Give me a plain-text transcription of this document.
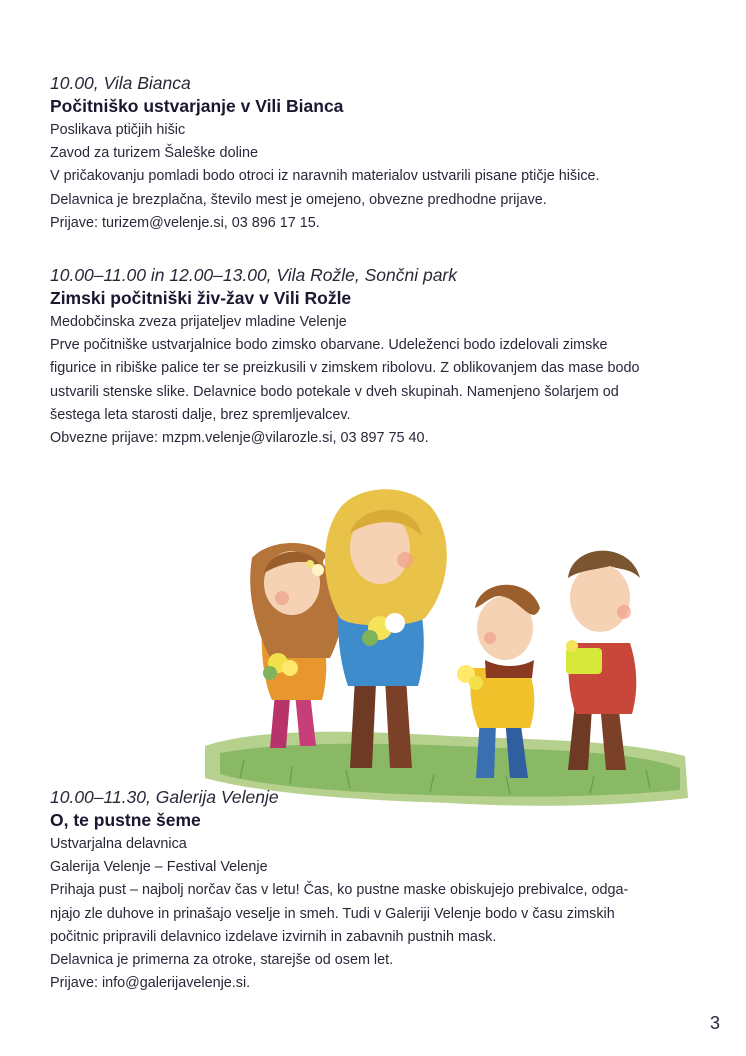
10.00, Vila Bianca
Počitniško ustvarjanje v Vili Bianca
Poslikava ptičjih hišic
Zavod za turizem Šaleške doline
V pričakovanju pomladi bodo otroci iz naravnih materialov ustvarili pisane ptičje hišice.
Delavnica je brezplačna, število mest je omejeno, obvezne predhodne prijave.
Prijave: turizem@velenje.si, 03 896 17 15.
10.00–11.00 in 12.00–13.00, Vila Rožle, Sončni park
Zimski počitniški živ-žav v Vili Rožle
Medobčinska zveza prijateljev mladine Velenje
Prve počitniške ustvarjalnice bodo zimsko obarvane. Udeleženci bodo izdelovali zimske
figurice in ribiške palice ter se preizkusili v zimskem ribolovu. Z oblikovanjem das mase bodo
ustvarili stenske slike. Delavnice bodo potekale v dveh skupinah. Namenjeno šolarjem od
šestega leta starosti dalje, brez spremljevalcev.
Obvezne prijave: mzpm.velenje@vilarozle.si, 03 897 75 40.
10.00–11.30, Galerija Velenje
O, te pustne šeme
Ustvarjalna delavnica
Galerija Velenje – Festival Velenje
Prihaja pust – najbolj norčav čas v letu! Čas, ko pustne maske obiskujejo prebivalce, odga-
njajo zle duhove in prinašajo veselje in smeh. Tudi v Galeriji Velenje bodo v času zimskih
počitnic pripravili delavnico izdelave izvirnih in zabavnih pustnih mask.
Delavnica je primerna za otroke, starejše od osem let.
Prijave: info@galerijavelenje.si.
3
